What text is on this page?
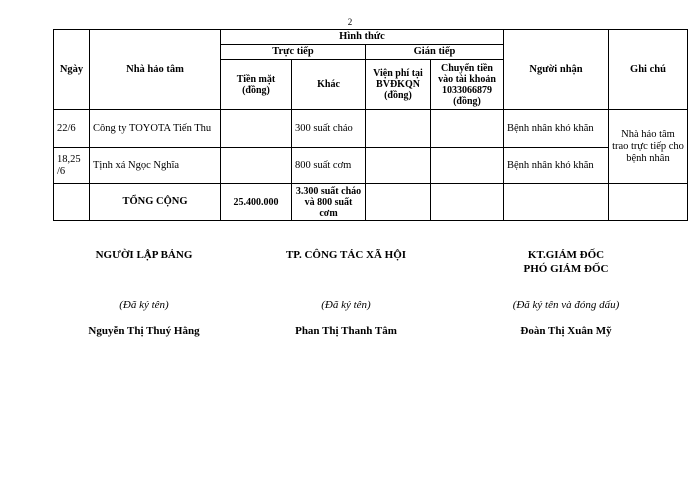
2
Ngày	Nhà hảo tâm	Hình thức				Người nhận	Ghi chú
		Trực tiếp		Gián tiếp			
		Tiền mặt (đồng)	Khác	Viện phí tại BVĐKQN (đồng)	Chuyển tiền vào tài khoản 1033066879 (đồng)		
22/6	Công ty TOYOTA Tiến Thu		300 suất cháo			Bệnh nhân khó khăn	Nhà hảo tâm trao trực tiếp cho bệnh nhân
18,25 /6	Tịnh xá Ngọc Nghĩa		800 suất cơm			Bệnh nhân khó khăn	
	TỔNG CỘNG	25.400.000	3.300 suất cháo và 800 suất cơm				
NGƯỜI LẬP BẢNG
(Đã ký tên)
Nguyễn Thị Thuý Hằng
TP. CÔNG TÁC XÃ HỘI
(Đã ký tên)
Phan Thị Thanh Tâm
KT.GIÁM ĐỐC
PHÓ GIÁM ĐỐC
(Đã ký tên và đóng dấu)
Đoàn Thị Xuân Mỹ
